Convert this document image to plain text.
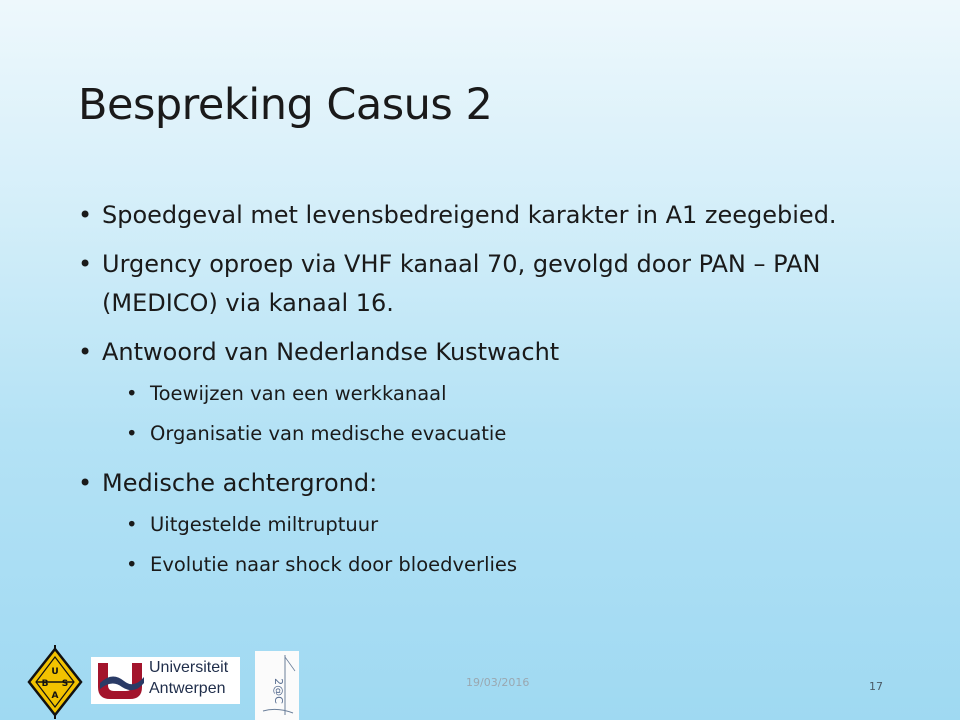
Bespreking Casus 2
• Spoedgeval met levensbedreigend karakter in A1 zeegebied.
• Urgency oproep via VHF kanaal 70, gevolgd door PAN – PAN (MEDICO) via kanaal 16.
• Antwoord van Nederlandse Kustwacht
• Toewijzen van een werkkanaal
• Organisatie van medische evacuatie
• Medische achtergrond:
• Uitgestelde miltruptuur
• Evolutie naar shock door bloedverlies
U
B S
A
Universiteit
Antwerpen	2@C	19/03/2016	17
